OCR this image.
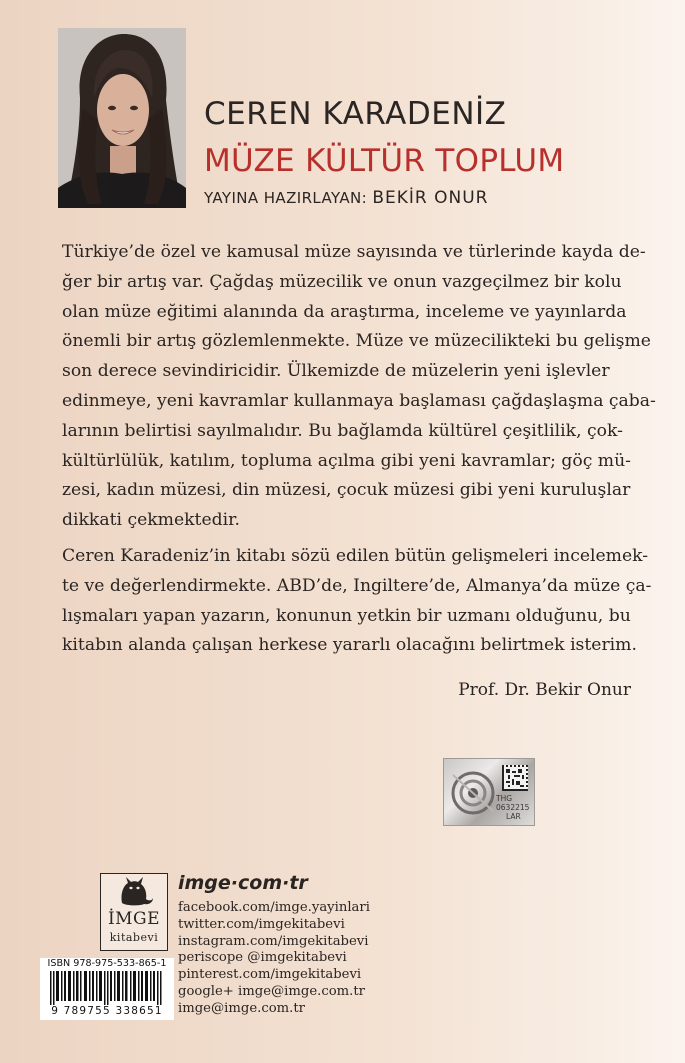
CEREN KARADENİZ
MÜZE KÜLTÜR TOPLUM
YAYINA HAZIRLAYAN: BEKİR ONUR
Türkiye’de özel ve kamusal müze sayısında ve türlerinde kayda de-
ğer bir artış var. Çağdaş müzecilik ve onun vazgeçilmez bir kolu
olan müze eğitimi alanında da araştırma, inceleme ve yayınlarda
önemli bir artış gözlemlenmekte. Müze ve müzecilikteki bu gelişme
son derece sevindiricidir. Ülkemizde de müzelerin yeni işlevler
edinmeye, yeni kavramlar kullanmaya başlaması çağdaşlaşma çaba-
larının belirtisi sayılmalıdır. Bu bağlamda kültürel çeşitlilik, çok-
kültürlülük, katılım, topluma açılma gibi yeni kavramlar; göç mü-
zesi, kadın müzesi, din müzesi, çocuk müzesi gibi yeni kuruluşlar
dikkati çekmektedir.
Ceren Karadeniz’in kitabı sözü edilen bütün gelişmeleri incelemek-
te ve değerlendirmekte. ABD’de, Ingiltere’de, Almanya’da müze ça-
lışmaları yapan yazarın, konunun yetkin bir uzmanı olduğunu, bu
kitabın alanda çalışan herkese yararlı olacağını belirtmek isterim.
Prof. Dr. Bekir Onur
THG
0632215
LAR
İMGE
kitabevi
imge·com·tr
facebook.com/imge.yayinlari
twitter.com/imgekitabevi
instagram.com/imgekitabevi
periscope @imgekitabevi
pinterest.com/imgekitabevi
google+ imge@imge.com.tr
imge@imge.com.tr
ISBN 978-975-533-865-1
9 789755 338651
